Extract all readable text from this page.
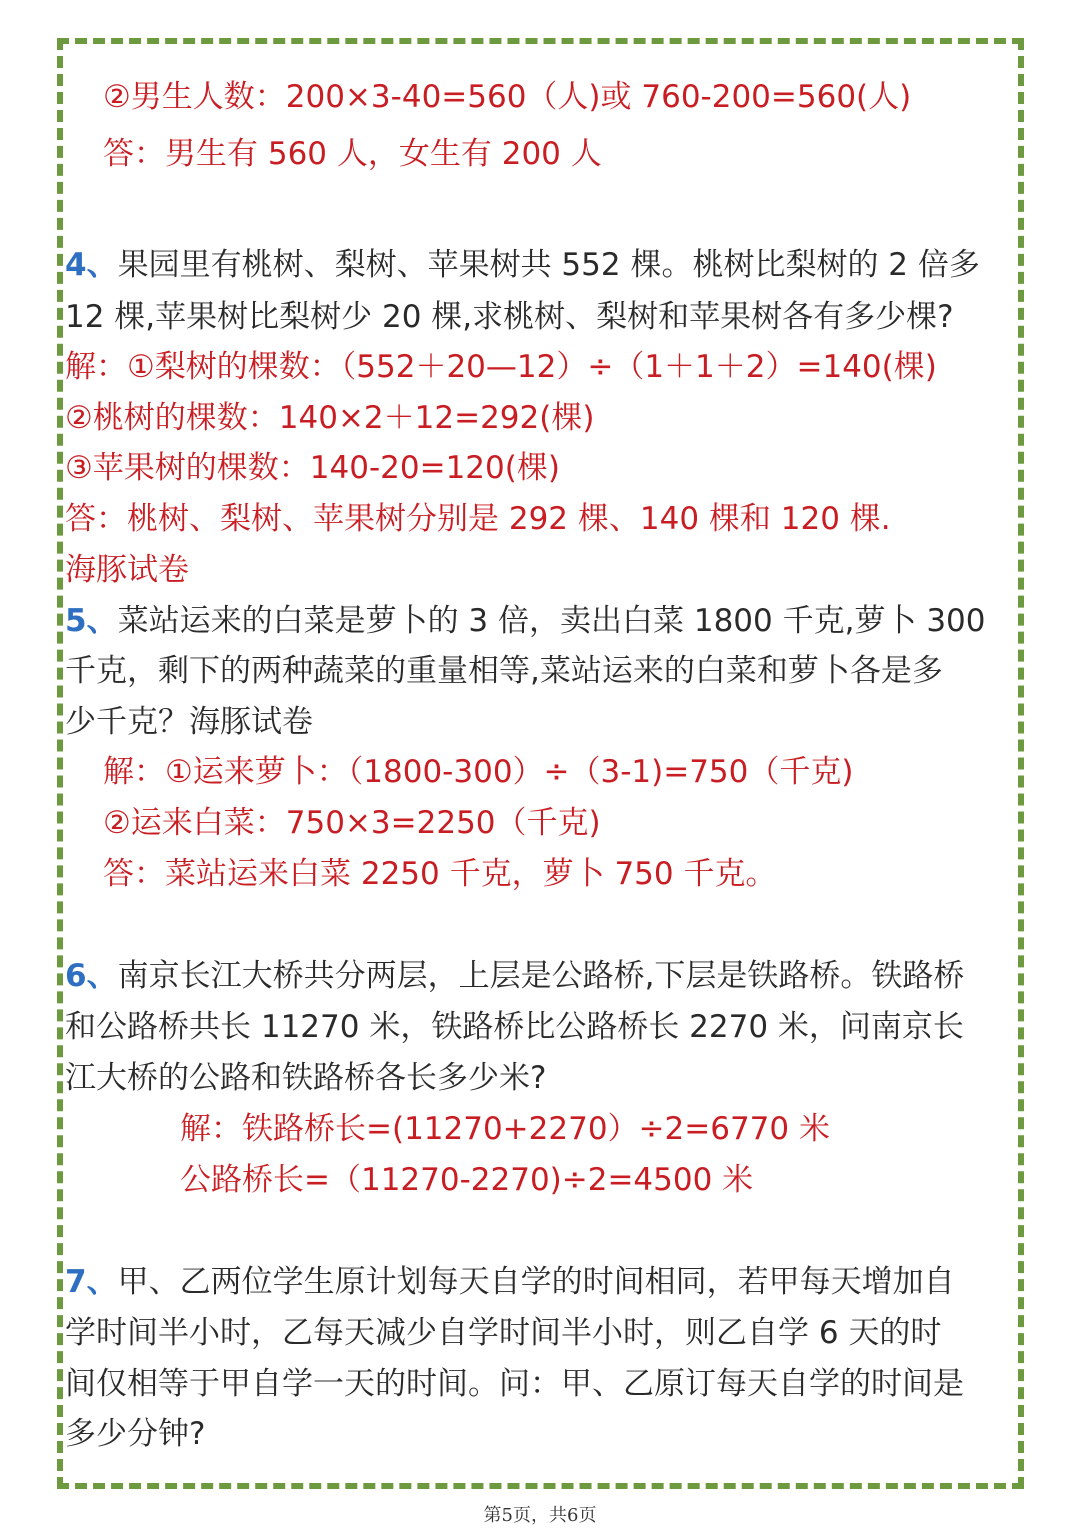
②男生人数：200×3-40=560（人)或 760-200=560(人)
答：男生有 560 人，女生有 200 人
4、果园里有桃树、梨树、苹果树共 552 棵。桃树比梨树的 2 倍多
12 棵,苹果树比梨树少 20 棵,求桃树、梨树和苹果树各有多少棵?
解：①梨树的棵数：（552＋20—12）÷（1＋1＋2）=140(棵)
②桃树的棵数：140×2＋12=292(棵)
③苹果树的棵数：140-20=120(棵)
答：桃树、梨树、苹果树分别是 292 棵、140 棵和 120 棵.
海豚试卷
5、菜站运来的白菜是萝卜的 3 倍，卖出白菜 1800 千克,萝卜 300
千克，剩下的两种蔬菜的重量相等,菜站运来的白菜和萝卜各是多
少千克？海豚试卷
解：①运来萝卜：（1800-300）÷（3-1)=750（千克)
②运来白菜：750×3=2250（千克)
答：菜站运来白菜 2250 千克，萝卜 750 千克。
6、南京长江大桥共分两层，上层是公路桥,下层是铁路桥。铁路桥
和公路桥共长 11270 米，铁路桥比公路桥长 2270 米，问南京长
江大桥的公路和铁路桥各长多少米?
解：铁路桥长=(11270+2270）÷2=6770 米
公路桥长=（11270-2270)÷2=4500 米
7、甲、乙两位学生原计划每天自学的时间相同，若甲每天增加自
学时间半小时，乙每天减少自学时间半小时，则乙自学 6 天的时
间仅相等于甲自学一天的时间。问：甲、乙原订每天自学的时间是
多少分钟?
第5页，共6页
